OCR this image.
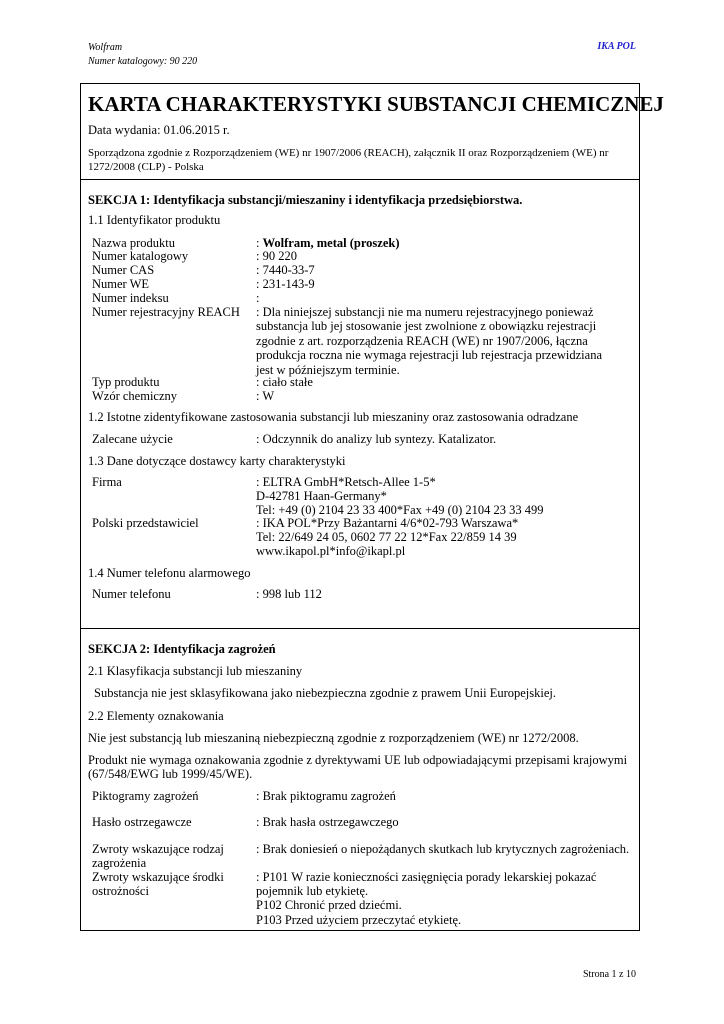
Wolfram
Numer katalogowy: 90 220
IKA POL
KARTA CHARAKTERYSTYKI SUBSTANCJI CHEMICZNEJ
Data wydania: 01.06.2015 r.
Sporządzona zgodnie z Rozporządzeniem (WE) nr 1907/2006 (REACH), załącznik II oraz Rozporządzeniem (WE) nr
1272/2008 (CLP) - Polska
SEKCJA 1: Identyfikacja substancji/mieszaniny i identyfikacja przedsiębiorstwa.
1.1 Identyfikator produktu
Nazwa produktu	: Wolfram, metal (proszek)
Numer katalogowy	: 90 220
Numer CAS	: 7440-33-7
Numer WE	: 231-143-9
Numer indeksu	:
Numer rejestracyjny REACH : Dla niniejszej substancji nie ma numeru rejestracyjnego ponieważ
substancja lub jej stosowanie jest zwolnione z obowiązku rejestracji
zgodnie z art. rozporządzenia REACH (WE) nr 1907/2006, łączna
produkcja roczna nie wymaga rejestracji lub rejestracja przewidziana
jest w późniejszym terminie.
Typ produktu	: ciało stałe
Wzór chemiczny	: W
1.2 Istotne zidentyfikowane zastosowania substancji lub mieszaniny oraz zastosowania odradzane
Zalecane użycie	: Odczynnik do analizy lub syntezy. Katalizator.
1.3 Dane dotyczące dostawcy karty charakterystyki
Firma	: ELTRA GmbH*Retsch-Allee 1-5*
D-42781 Haan-Germany*
Tel: +49 (0) 2104 23 33 400*Fax +49 (0) 2104 23 33 499
Polski przedstawiciel	: IKA POL*Przy Bażantarni 4/6*02-793 Warszawa*
Tel: 22/649 24 05, 0602 77 22 12*Fax 22/859 14 39
www.ikapol.pl*info@ikapl.pl
1.4 Numer telefonu alarmowego
Numer telefonu	: 998 lub 112
SEKCJA 2: Identyfikacja zagrożeń
2.1 Klasyfikacja substancji lub mieszaniny
Substancja nie jest sklasyfikowana jako niebezpieczna zgodnie z prawem Unii Europejskiej.
2.2 Elementy oznakowania
Nie jest substancją lub mieszaniną niebezpieczną zgodnie z rozporządzeniem (WE) nr 1272/2008.
Produkt nie wymaga oznakowania zgodnie z dyrektywami UE lub odpowiadającymi przepisami krajowymi
(67/548/EWG lub 1999/45/WE).
Piktogramy zagrożeń	: Brak piktogramu zagrożeń
Hasło ostrzegawcze	: Brak hasła ostrzegawczego
Zwroty wskazujące rodzaj
zagrożenia
: Brak doniesień o niepożądanych skutkach lub krytycznych zagrożeniach.
Zwroty wskazujące środki
ostrożności
: P101 W razie konieczności zasięgnięcia porady lekarskiej pokazać
pojemnik lub etykietę.
P102 Chronić przed dziećmi.
P103 Przed użyciem przeczytać etykietę.
Strona 1 z 10
